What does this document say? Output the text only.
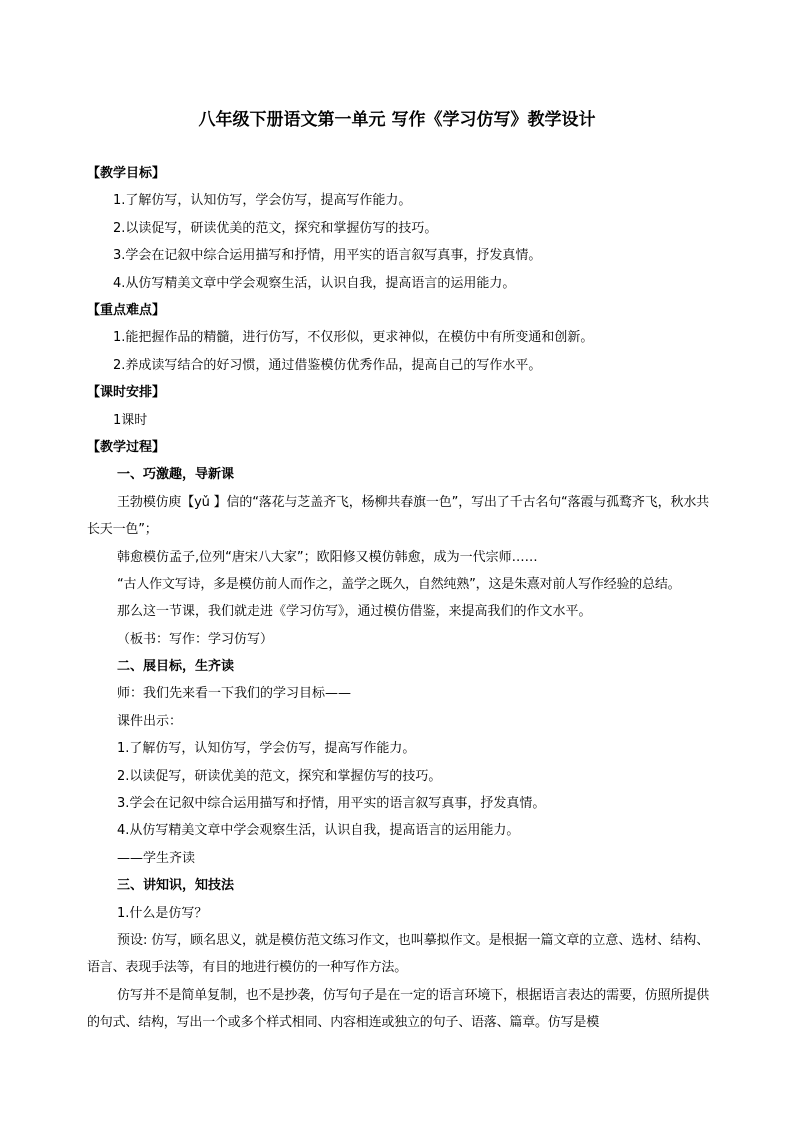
八年级下册语文第一单元 写作《学习仿写》教学设计

【教学目标】

1.了解仿写，认知仿写，学会仿写，提高写作能力。

2.以读促写，研读优美的范文，探究和掌握仿写的技巧。

3.学会在记叙中综合运用描写和抒情，用平实的语言叙写真事，抒发真情。

4.从仿写精美文章中学会观察生活，认识自我，提高语言的运用能力。

【重点难点】

1.能把握作品的精髓，进行仿写，不仅形似，更求神似，在模仿中有所变通和创新。

2.养成读写结合的好习惯，通过借鉴模仿优秀作品，提高自己的写作水平。

【课时安排】

1课时

【教学过程】

一、巧激趣，导新课

王勃模仿庾【yǔ 】信的“落花与芝盖齐飞，杨柳共春旗一色”，写出了千古名句“落霞与孤鹜齐飞，秋水共长天一色”；

韩愈模仿孟子,位列“唐宋八大家”；欧阳修又模仿韩愈，成为一代宗师……

“古人作文写诗，多是模仿前人而作之，盖学之既久，自然纯熟”，这是朱熹对前人写作经验的总结。

那么这一节课，我们就走进《学习仿写》，通过模仿借鉴，来提高我们的作文水平。

（板书：写作：学习仿写）

二、展目标，生齐读

师：我们先来看一下我们的学习目标——

课件出示：

1.了解仿写，认知仿写，学会仿写，提高写作能力。

2.以读促写，研读优美的范文，探究和掌握仿写的技巧。

3.学会在记叙中综合运用描写和抒情，用平实的语言叙写真事，抒发真情。

4.从仿写精美文章中学会观察生活，认识自我，提高语言的运用能力。

——学生齐读

三、讲知识，知技法

1.什么是仿写？

预设: 仿写，顾名思义，就是模仿范文练习作文，也叫摹拟作文。是根据一篇文章的立意、选材、结构、语言、表现手法等，有目的地进行模仿的一种写作方法。

仿写并不是简单复制，也不是抄袭，仿写句子是在一定的语言环境下，根据语言表达的需要，仿照所提供的句式、结构，写出一个或多个样式相同、内容相连或独立的句子、语落、篇章。仿写是模
